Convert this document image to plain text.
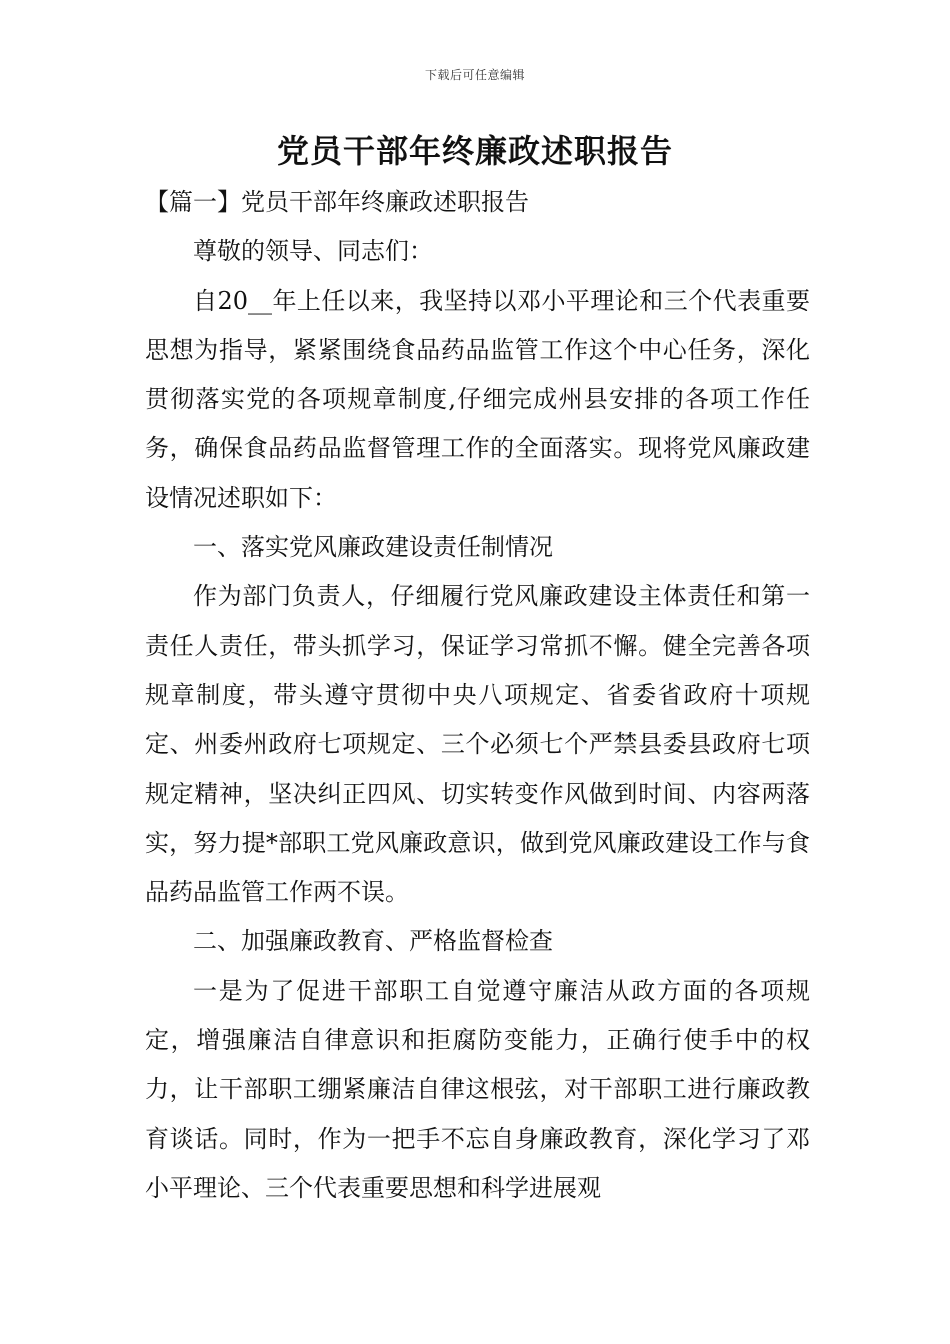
下载后可任意编辑
党员干部年终廉政述职报告

【篇一】党员干部年终廉政述职报告

尊敬的领导、同志们：

自20__年上任以来，我坚持以邓小平理论和三个代表重要思想为指导，紧紧围绕食品药品监管工作这个中心任务，深化贯彻落实党的各项规章制度,仔细完成州县安排的各项工作任务，确保食品药品监督管理工作的全面落实。现将党风廉政建设情况述职如下：

一、落实党风廉政建设责任制情况

作为部门负责人，仔细履行党风廉政建设主体责任和第一责任人责任，带头抓学习，保证学习常抓不懈。健全完善各项规章制度，带头遵守贯彻中央八项规定、省委省政府十项规定、州委州政府七项规定、三个必须七个严禁县委县政府七项规定精神，坚决纠正四风、切实转变作风做到时间、内容两落实，努力提*部职工党风廉政意识，做到党风廉政建设工作与食品药品监管工作两不误。

二、加强廉政教育、严格监督检查

一是为了促进干部职工自觉遵守廉洁从政方面的各项规定，增强廉洁自律意识和拒腐防变能力，正确行使手中的权力，让干部职工绷紧廉洁自律这根弦，对干部职工进行廉政教育谈话。同时，作为一把手不忘自身廉政教育，深化学习了邓小平理论、三个代表重要思想和科学进展观
